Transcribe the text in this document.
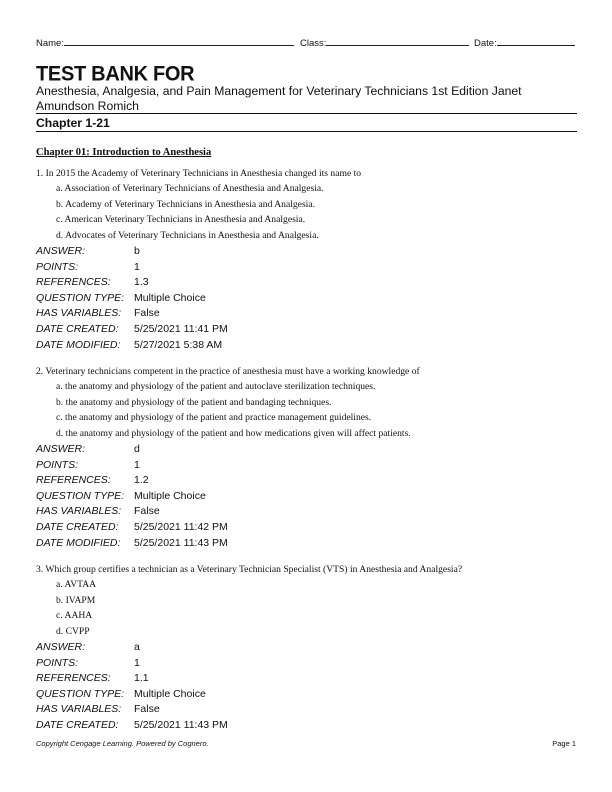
Name:	Class:	Date:
TEST BANK FOR
Anesthesia, Analgesia, and Pain Management for Veterinary Technicians 1st Edition Janet Amundson Romich
Chapter 1-21
Chapter 01: Introduction to Anesthesia
1. In 2015 the Academy of Veterinary Technicians in Anesthesia changed its name to
a. Association of Veterinary Technicians of Anesthesia and Analgesia.
b. Academy of Veterinary Technicians in Anesthesia and Analgesia.
c. American Veterinary Technicians in Anesthesia and Analgesia.
d. Advocates of Veterinary Technicians in Anesthesia and Analgesia.
ANSWER:	b
POINTS:	1
REFERENCES: 1.3
QUESTION TYPE: Multiple Choice
HAS VARIABLES: False
DATE CREATED: 5/25/2021 11:41 PM
DATE MODIFIED: 5/27/2021 5:38 AM
2. Veterinary technicians competent in the practice of anesthesia must have a working knowledge of
a. the anatomy and physiology of the patient and autoclave sterilization techniques.
b. the anatomy and physiology of the patient and bandaging techniques.
c. the anatomy and physiology of the patient and practice management guidelines.
d. the anatomy and physiology of the patient and how medications given will affect patients.
ANSWER:	d
POINTS:	1
REFERENCES: 1.2
QUESTION TYPE: Multiple Choice
HAS VARIABLES: False
DATE CREATED: 5/25/2021 11:42 PM
DATE MODIFIED: 5/25/2021 11:43 PM
3. Which group certifies a technician as a Veterinary Technician Specialist (VTS) in Anesthesia and Analgesia?
a. AVTAA
b. IVAPM
c. AAHA
d. CVPP
ANSWER:	a
POINTS:	1
REFERENCES: 1.1
QUESTION TYPE: Multiple Choice
HAS VARIABLES: False
DATE CREATED: 5/25/2021 11:43 PM
Copyright Cengage Learning. Powered by Cognero.	Page 1
